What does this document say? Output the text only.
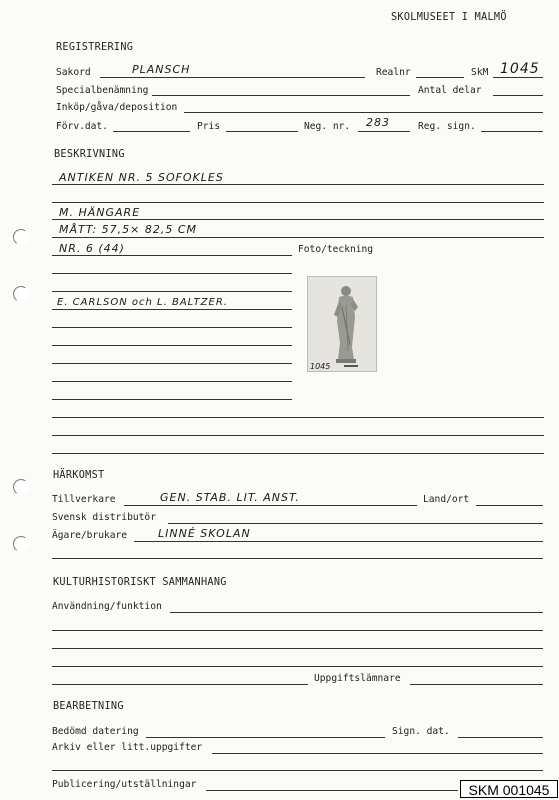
SKOLMUSEET I MALMÖ
REGISTRERING
Sakord	PLANSCH	Realnr	SkM 1045
Specialbenämning	Antal delar
Inköp/gåva/deposition
Förv.dat.	Pris	Neg. nr. 283	Reg. sign.
BESKRIVNING
ANTIKEN NR. 5 SOFOKLES
M. HÄNGARE
MÅTT: 57,5× 82,5 CM
NR. 6 (44)	Foto/teckning
E. CARLSON och L. BALTZER.
1045
HÄRKOMST
Tillverkare	GEN. STAB. LIT. ANST.	Land/ort
Svensk distributör
Ägare/brukare	LINNÉ SKOLAN
KULTURHISTORISKT SAMMANHANG
Användning/funktion
Uppgiftslämnare
BEARBETNING
Bedömd datering	Sign. dat.
Arkiv eller litt.uppgifter
Publicering/utställningar	SKM 001045
